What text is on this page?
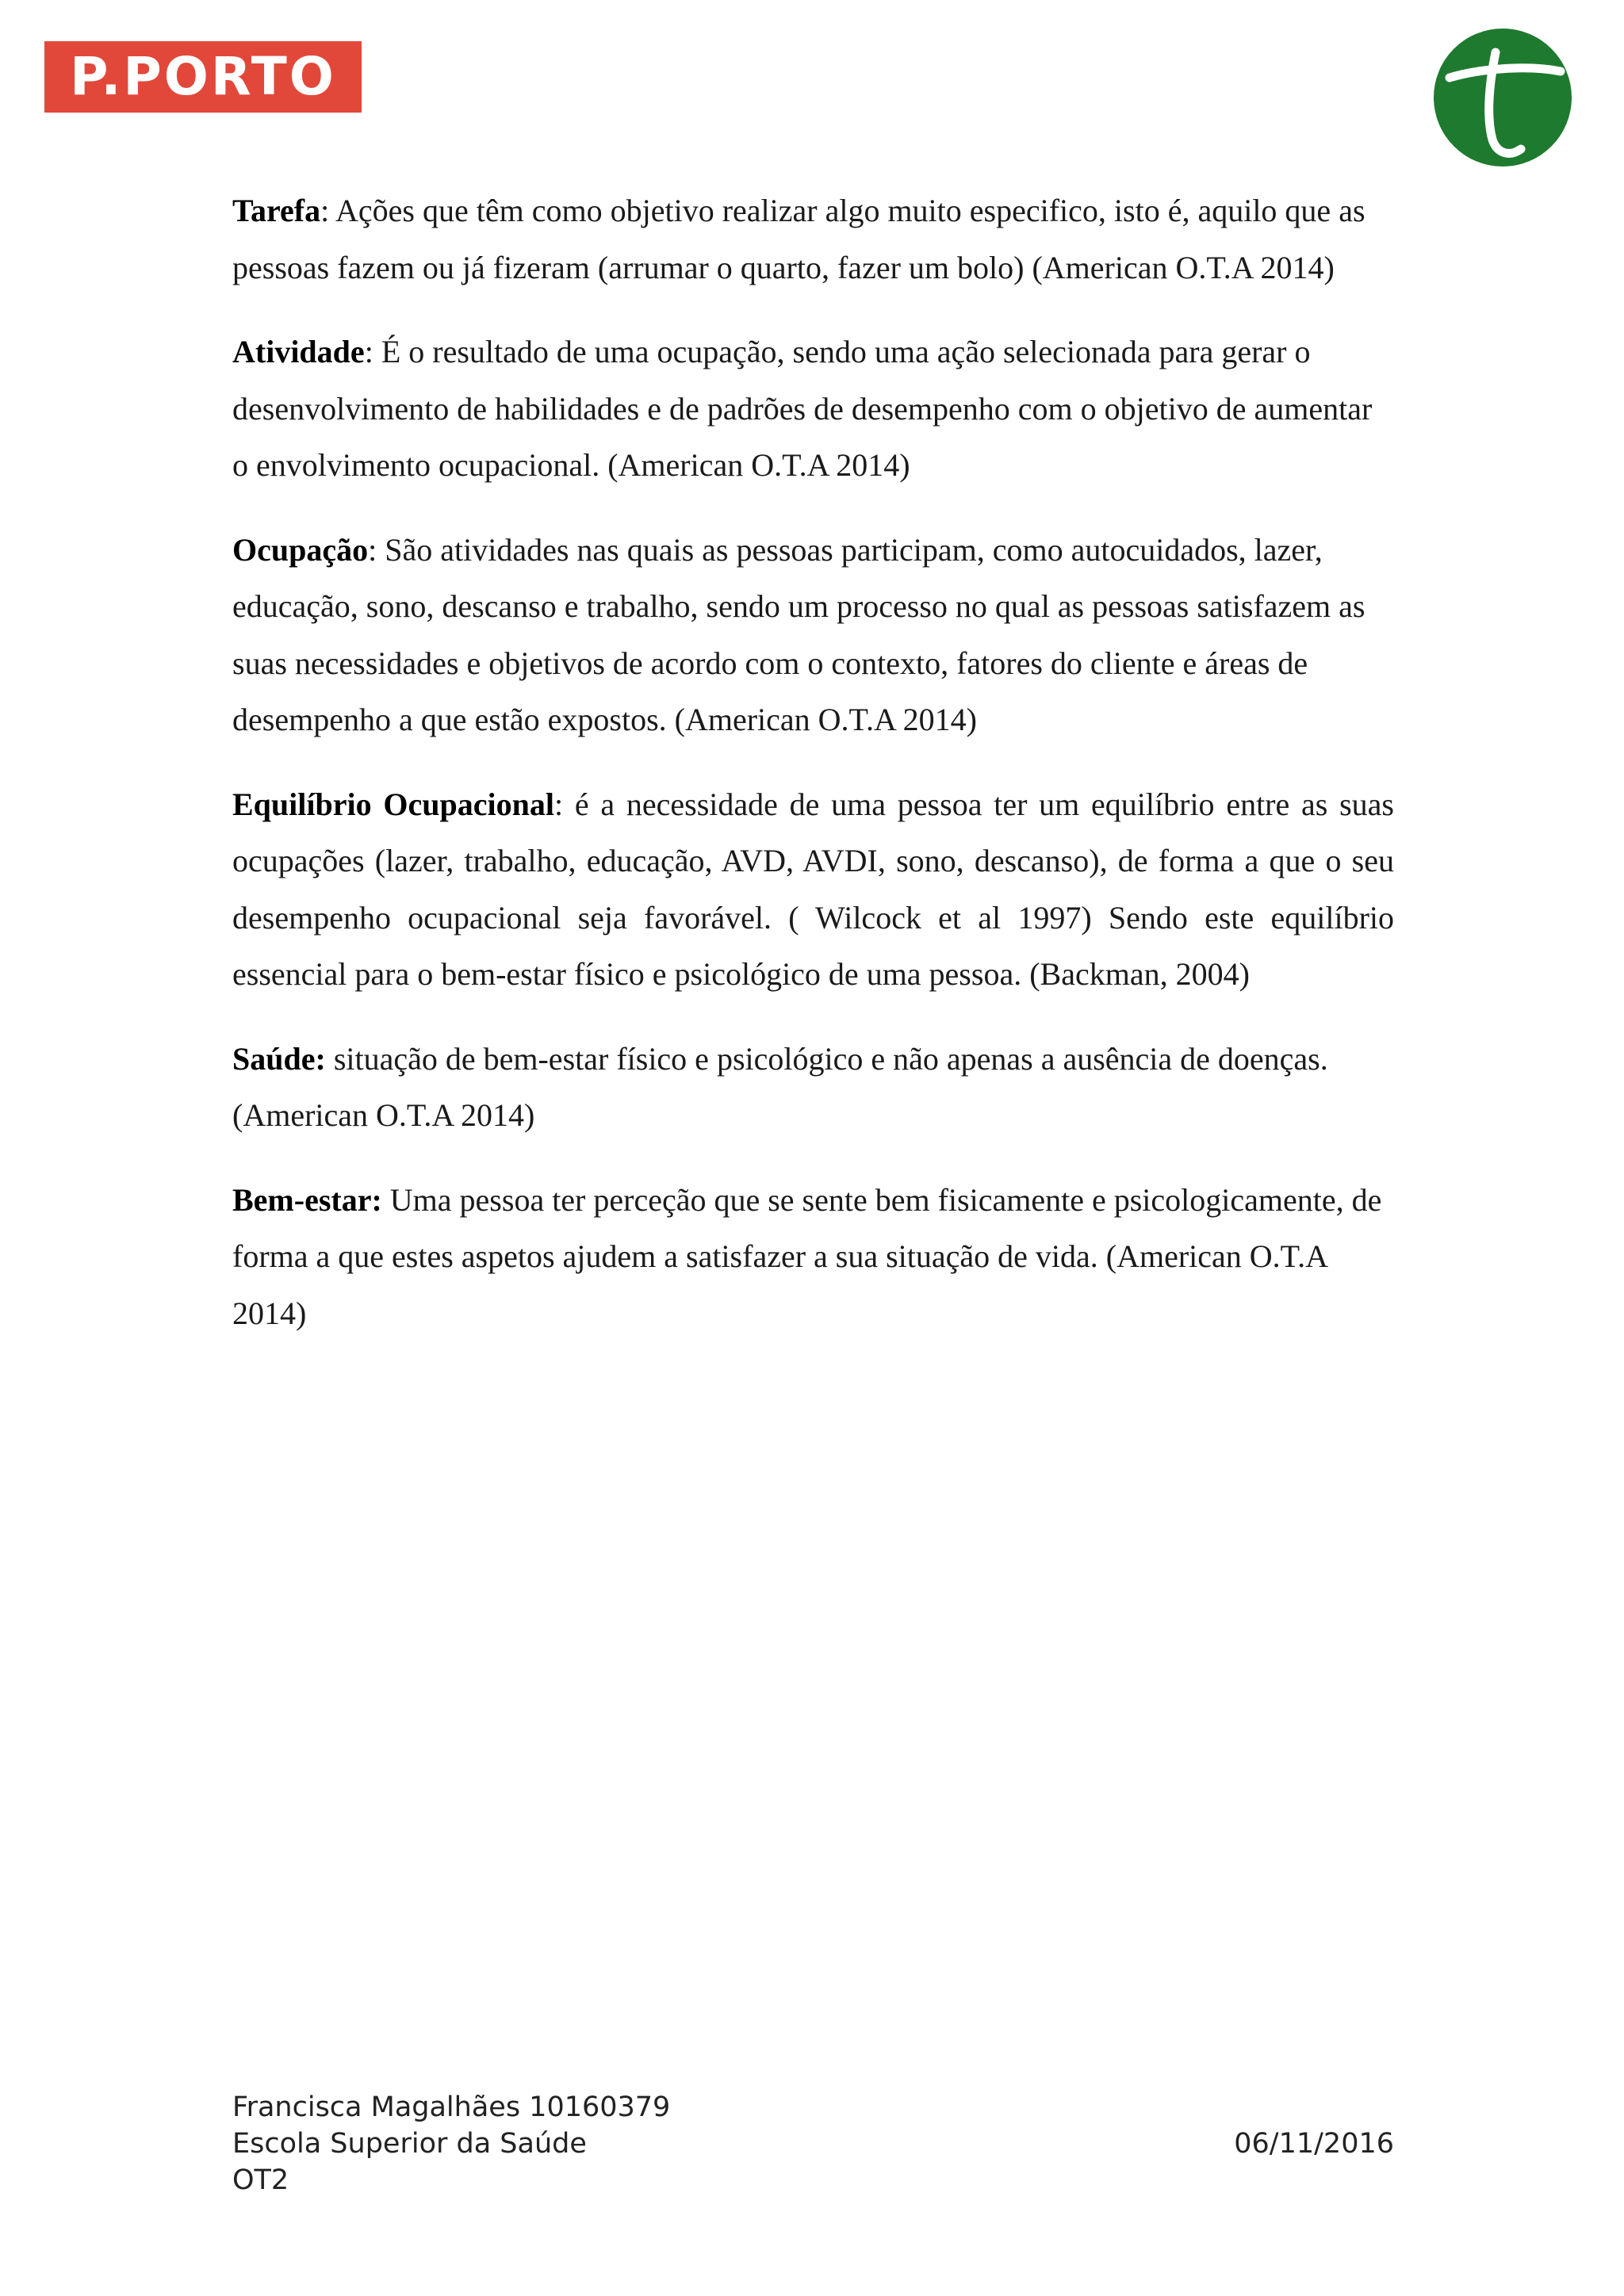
P.PORTO

Tarefa: Ações que têm como objetivo realizar algo muito especifico, isto é, aquilo que as pessoas fazem ou já fizeram (arrumar o quarto, fazer um bolo) (American O.T.A 2014)

Atividade: É o resultado de uma ocupação, sendo uma ação selecionada para gerar o desenvolvimento de habilidades e de padrões de desempenho com o objetivo de aumentar o envolvimento ocupacional. (American O.T.A 2014)

Ocupação: São atividades nas quais as pessoas participam, como autocuidados, lazer, educação, sono, descanso e trabalho, sendo um processo no qual as pessoas satisfazem as suas necessidades e objetivos de acordo com o contexto, fatores do cliente e áreas de desempenho a que estão expostos. (American O.T.A 2014)

Equilíbrio Ocupacional: é a necessidade de uma pessoa ter um equilíbrio entre as suas ocupações (lazer, trabalho, educação, AVD, AVDI, sono, descanso), de forma a que o seu desempenho ocupacional seja favorável. ( Wilcock et al 1997) Sendo este equilíbrio essencial para o bem-estar físico e psicológico de uma pessoa. (Backman, 2004)

Saúde: situação de bem-estar físico e psicológico e não apenas a ausência de doenças. (American O.T.A 2014)

Bem-estar: Uma pessoa ter perceção que se sente bem fisicamente e psicologicamente, de forma a que estes aspetos ajudem a satisfazer a sua situação de vida. (American O.T.A 2014)

Francisca Magalhães 10160379
Escola Superior da Saúde
OT2
06/11/2016
